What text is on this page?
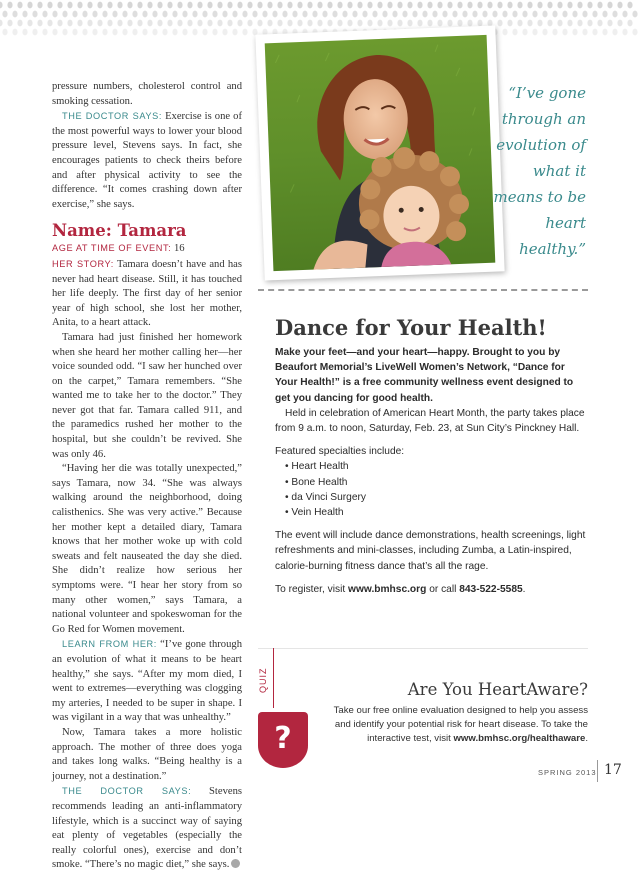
pressure numbers, cholesterol control and smoking cessation.

THE DOCTOR SAYS: Exercise is one of the most powerful ways to lower your blood pressure level, Stevens says. In fact, she encourages patients to check theirs before and after physical activity to see the difference. “It comes crashing down after exercise,” she says.

Name: Tamara

AGE AT TIME OF EVENT: 16

HER STORY: Tamara doesn’t have and has never had heart disease. Still, it has touched her life deeply. The first day of her senior year of high school, she lost her mother, Anita, to a heart attack.

Tamara had just finished her homework when she heard her mother calling her—her voice sounded odd. “I saw her hunched over on the carpet,” Tamara remembers. “She wanted me to take her to the doctor.” They never got that far. Tamara called 911, and the paramedics rushed her mother to the hospital, but she couldn’t be revived. She was only 46.

“Having her die was totally unexpected,” says Tamara, now 34. “She was always walking around the neighborhood, doing calisthenics. She was very active.” Because her mother kept a detailed diary, Tamara knows that her mother woke up with cold sweats and felt nauseated the day she died. She didn’t realize how serious her symptoms were. “I hear her story from so many other women,” says Tamara, a national volunteer and spokeswoman for the Go Red for Women movement.

LEARN FROM HER: “I’ve gone through an evolution of what it means to be heart healthy,” she says. “After my mom died, I went to extremes—everything was clogging my arteries, I needed to be super in shape. I was vigilant in a way that was unhealthy.”

Now, Tamara takes a more holistic approach. The mother of three does yoga and takes long walks. “Being healthy is a journey, not a destination.”

THE DOCTOR SAYS: Stevens recommends leading an anti-inflammatory lifestyle, which is a succinct way of saying eat plenty of vegetables (especially the really colorful ones), exercise and don’t smoke. “There’s no magic diet,” she says.

“I’ve gone through an evolution of what it means to be heart healthy.”
Dance for Your Health!

Make your feet—and your heart—happy. Brought to you by Beaufort Memorial’s LiveWell Women’s Network, “Dance for Your Health!” is a free community wellness event designed to get you dancing for good health.
Held in celebration of American Heart Month, the party takes place from 9 a.m. to noon, Saturday, Feb. 23, at Sun City’s Pinckney Hall.

Featured specialties include:

• Heart Health
• Bone Health
• da Vinci Surgery
• Vein Health

The event will include dance demonstrations, health screenings, light refreshments and mini-classes, including Zumba, a Latin-inspired, calorie-burning fitness dance that’s all the rage.

To register, visit www.bmhsc.org or call 843-522-5585.

QUIZ
?
Are You HeartAware?
Take our free online evaluation designed to help you assess and identify your potential risk for heart disease. To take the interactive test, visit www.bmhsc.org/healthaware.
SPRING 2013 17
